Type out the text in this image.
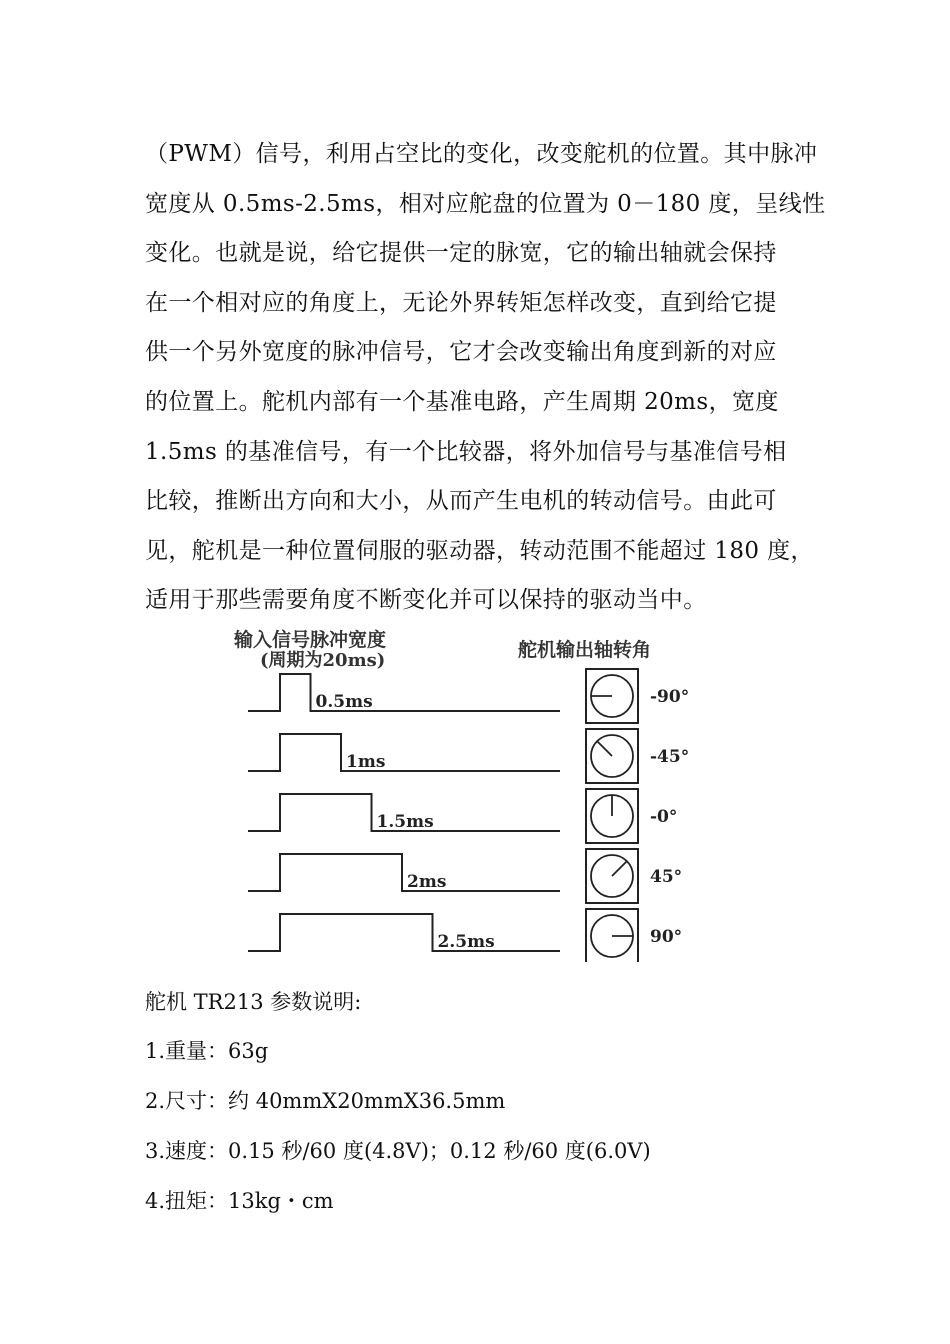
（PWM）信号，利用占空比的变化，改变舵机的位置。其中脉冲
宽度从 0.5ms-2.5ms，相对应舵盘的位置为 0－180 度，呈线性
变化。也就是说，给它提供一定的脉宽，它的输出轴就会保持
在一个相对应的角度上，无论外界转矩怎样改变，直到给它提
供一个另外宽度的脉冲信号，它才会改变输出角度到新的对应
的位置上。舵机内部有一个基准电路，产生周期 20ms，宽度
1.5ms 的基准信号，有一个比较器，将外加信号与基准信号相
比较，推断出方向和大小，从而产生电机的转动信号。由此可
见，舵机是一种位置伺服的驱动器，转动范围不能超过 180 度，
适用于那些需要角度不断变化并可以保持的驱动当中。
输入信号脉冲宽度
(周期为20ms)	舵机输出轴转角
0.5ms	-90°
1ms	-45°
1.5ms	-0°
2ms	45°
2.5ms	90°
舵机 TR213 参数说明:
1.重量：63g
2.尺寸：约 40mmX20mmX36.5mm
3.速度：0.15 秒/60 度(4.8V)；0.12 秒/60 度(6.0V)
4.扭矩：13kg・cm
